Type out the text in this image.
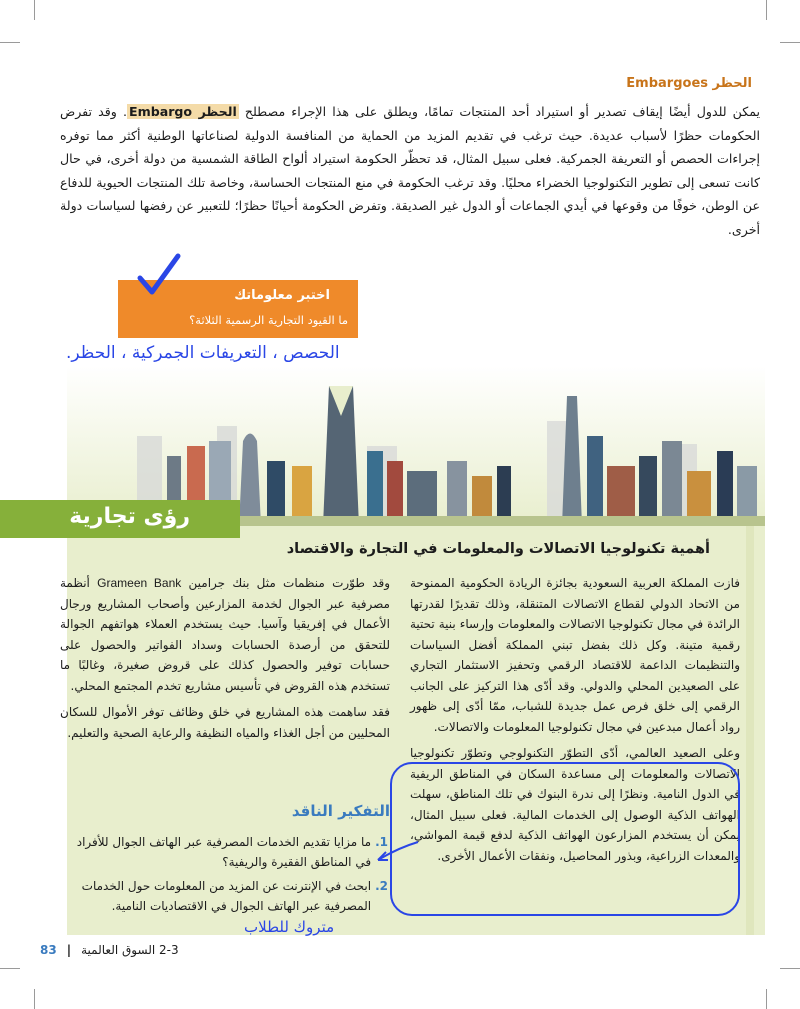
Embargoes الحظر
يمكن للدول أيضًا إيقاف تصدير أو استيراد أحد المنتجات تمامًا، ويطلق على هذا الإجراء مصطلح الحظر Embargo. وقد تفرض الحكومات حظرًا لأسباب عديدة. حيث ترغب في تقديم المزيد من الحماية من المنافسة الدولية لصناعاتها الوطنية أكثر مما توفره إجراءات الحصص أو التعريفة الجمركية. فعلى سبيل المثال، قد تحظّر الحكومة استيراد ألواح الطاقة الشمسية من دولة أخرى، في حال كانت تسعى إلى تطوير التكنولوجيا الخضراء محليًا. وقد ترغب الحكومة في منع المنتجات الحساسة، وخاصة تلك المنتجات الحيوية للدفاع عن الوطن، خوفًا من وقوعها في أيدي الجماعات أو الدول غير الصديقة. وتفرض الحكومة أحيانًا حظرًا؛ للتعبير عن رفضها لسياسات دولة أخرى.
اختبر معلوماتك
ما القيود التجارية الرسمية الثلاثة؟
الحصص ، التعريفات الجمركية ، الحظر.
رؤى تجارية
أهمية تكنولوجيا الاتصالات والمعلومات في التجارة والاقتصاد

فازت المملكة العربية السعودية بجائزة الريادة الحكومية الممنوحة من الاتحاد الدولي لقطاع الاتصالات المتنقلة، وذلك تقديرًا لقدرتها الرائدة في مجال تكنولوجيا الاتصالات والمعلومات وإرساء بنية تحتية رقمية متينة. وكل ذلك بفضل تبني المملكة أفضل السياسات والتنظيمات الداعمة للاقتصاد الرقمي وتحفيز الاستثمار التجاري على الصعيدين المحلي والدولي. وقد أدّى هذا التركيز على الجانب الرقمي إلى خلق فرص عمل جديدة للشباب، ممّا أدّى إلى ظهور رواد أعمال مبدعين في مجال تكنولوجيا المعلومات والاتصالات.

وعلى الصعيد العالمي، أدّى التطوّر التكنولوجي وتطوّر تكنولوجيا الاتصالات والمعلومات إلى مساعدة السكان في المناطق الريفية في الدول النامية. ونظرًا إلى ندرة البنوك في تلك المناطق، سهلت الهواتف الذكية الوصول إلى الخدمات المالية. فعلى سبيل المثال، يمكن أن يستخدم المزارعون الهواتف الذكية لدفع قيمة المواشي، والمعدات الزراعية، وبذور المحاصيل، ونفقات الأعمال الأخرى.

وقد طوّرت منظمات مثل بنك جرامين Grameen Bank أنظمة مصرفية عبر الجوال لخدمة المزارعين وأصحاب المشاريع ورجال الأعمال في إفريقيا وآسيا. حيث يستخدم العملاء هواتفهم الجوالة للتحقق من أرصدة الحسابات وسداد الفواتير والحصول على حسابات توفير والحصول كذلك على قروض صغيرة، وغالبًا ما تستخدم هذه القروض في تأسيس مشاريع تخدم المجتمع المحلي.

فقد ساهمت هذه المشاريع في خلق وظائف توفر الأموال للسكان المحليين من أجل الغذاء والمياه النظيفة والرعاية الصحية والتعليم.

التفكير الناقد
1.
ما مزايا تقديم الخدمات المصرفية عبر الهاتف الجوال للأفراد في المناطق الفقيرة والريفية؟
2.
ابحث في الإنترنت عن المزيد من المعلومات حول الخدمات المصرفية عبر الهاتف الجوال في الاقتصاديات النامية.
متروك للطلاب
83 | 2-3 السوق العالمية
